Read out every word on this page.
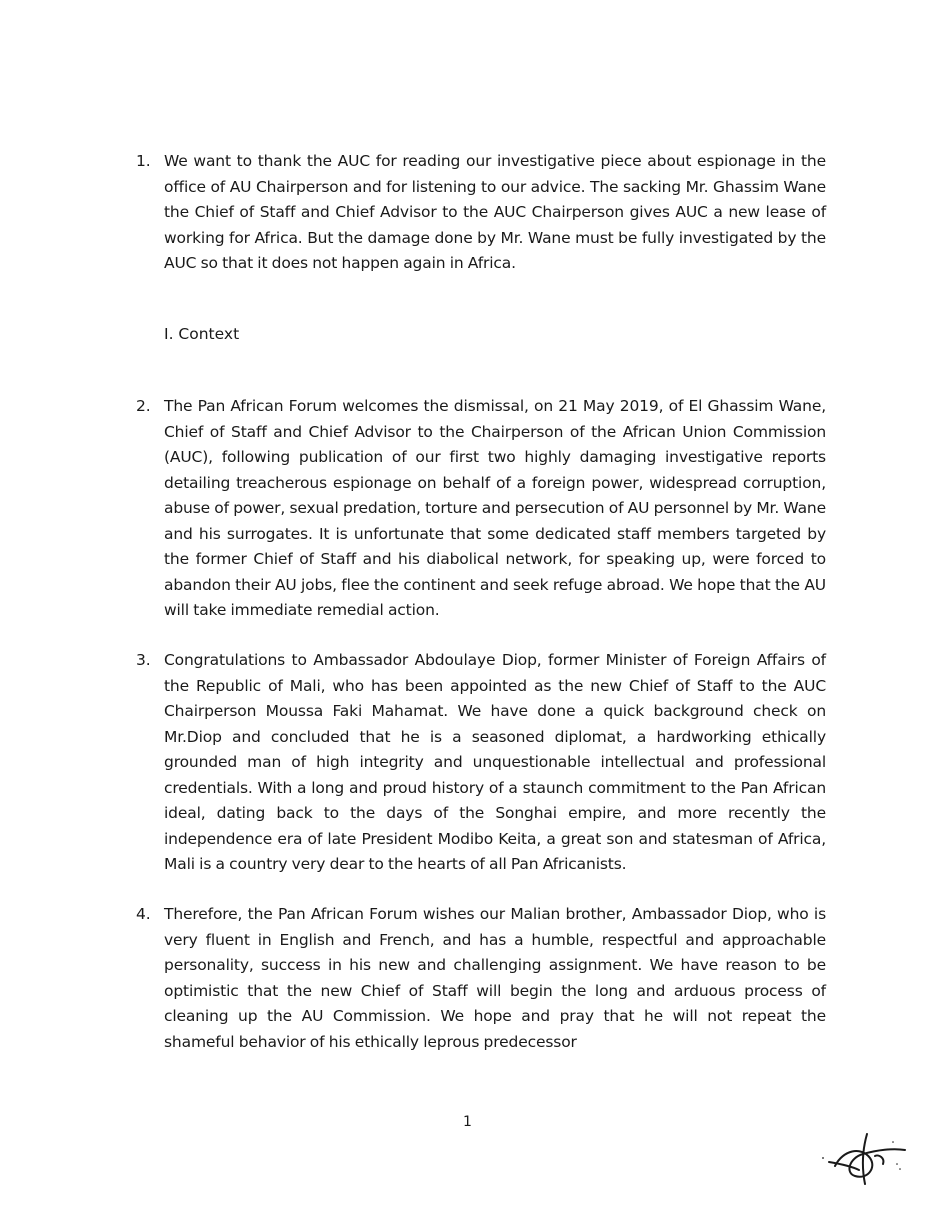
1. We want to thank the AUC for reading our investigative piece about espionage in the office of AU Chairperson and for listening to our advice. The sacking Mr. Ghassim Wane the Chief of Staff and Chief Advisor to the AUC Chairperson gives AUC a new lease of working for Africa. But the damage done by Mr. Wane must be fully investigated by the AUC so that it does not happen again in Africa.
I. Context
2. The Pan African Forum welcomes the dismissal, on 21 May 2019, of El Ghassim Wane, Chief of Staff and Chief Advisor to the Chairperson of the African Union Commission (AUC), following publication of our first two highly damaging investigative reports detailing treacherous espionage on behalf of a foreign power, widespread corruption, abuse of power, sexual predation, torture and persecution of AU personnel by Mr. Wane and his surrogates. It is unfortunate that some dedicated staff members targeted by the former Chief of Staff and his diabolical network, for speaking up, were forced to abandon their AU jobs, flee the continent and seek refuge abroad. We hope that the AU will take immediate remedial action.
3. Congratulations to Ambassador Abdoulaye Diop, former Minister of Foreign Affairs of the Republic of Mali, who has been appointed as the new Chief of Staff to the AUC Chairperson Moussa Faki Mahamat. We have done a quick background check on Mr.Diop and concluded that he is a seasoned diplomat, a hardworking ethically grounded man of high integrity and unquestionable intellectual and professional credentials. With a long and proud history of a staunch commitment to the Pan African ideal, dating back to the days of the Songhai empire, and more recently the independence era of late President Modibo Keita, a great son and statesman of Africa, Mali is a country very dear to the hearts of all Pan Africanists.
4. Therefore, the Pan African Forum wishes our Malian brother, Ambassador Diop, who is very fluent in English and French, and has a humble, respectful and approachable personality, success in his new and challenging assignment. We have reason to be optimistic that the new Chief of Staff will begin the long and arduous process of cleaning up the AU Commission. We hope and pray that he will not repeat the shameful behavior of his ethically leprous predecessor
1
